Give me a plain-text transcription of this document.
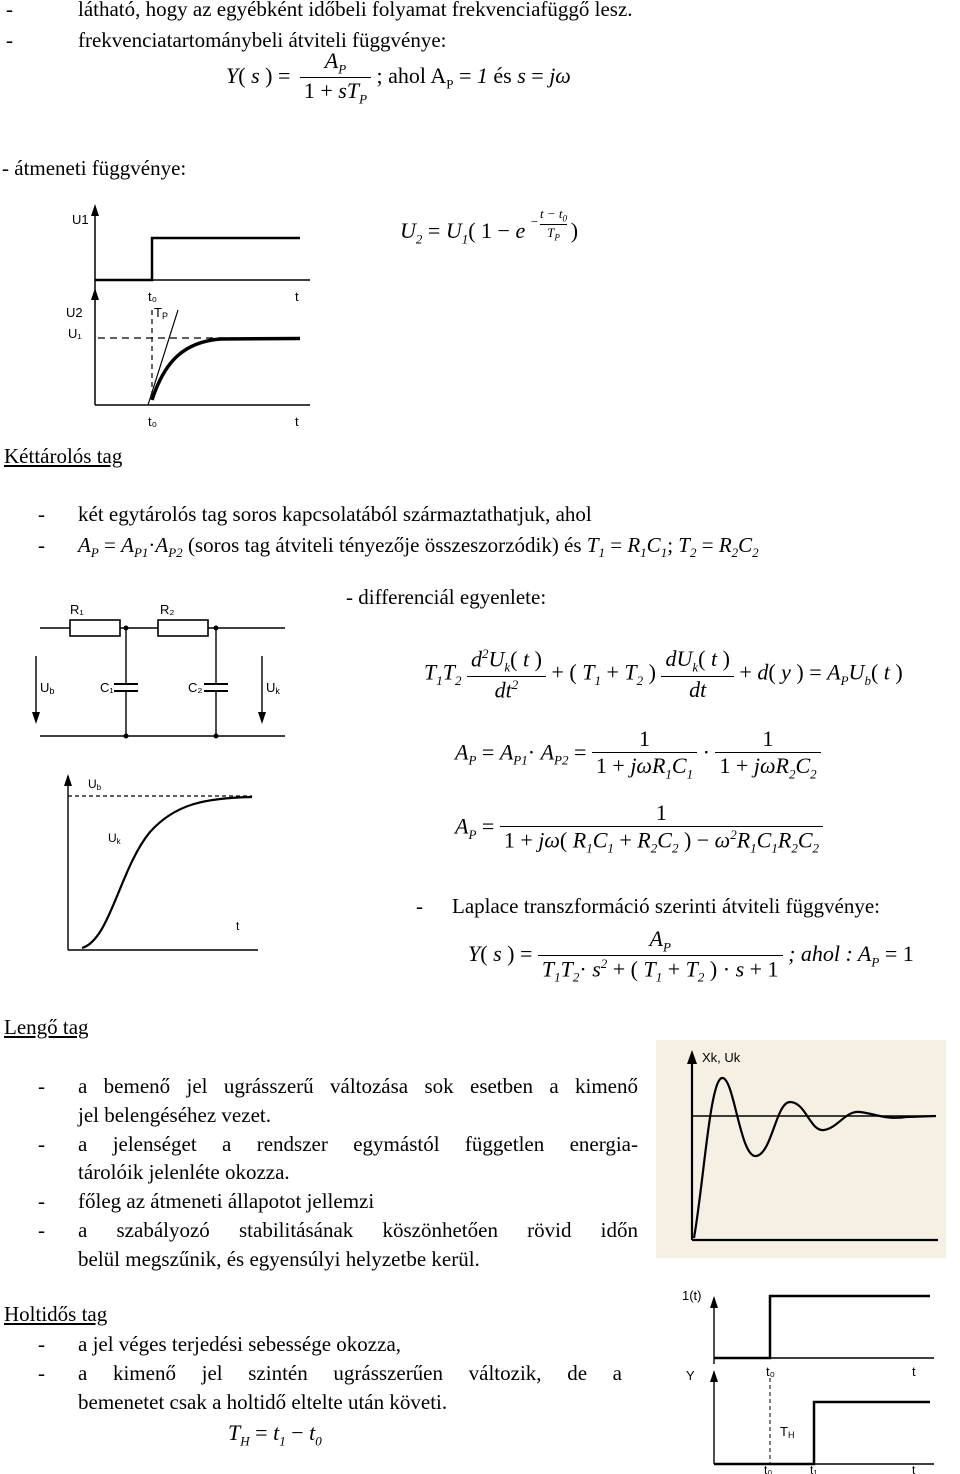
-	látható, hogy az egyébként időbeli folyamat frekvenciafüggő lesz.
-	frekvenciatartománybeli átviteli függvénye:
Y( s ) = $\frac{A_P}{1 + sT_P}$ ; ahol $A_P = 1$ és s = jω
- átmeneti függvénye:
U1
t₀	t
U2
U₁
TP
t₀	t
$U_2 = U_1$( $1 - e - \frac{t - t_0}{T_P}$ )
Kéttárolós tag
- két egytárolós tag soros kapcsolatából származtathatjuk, ahol
- $A_P = A_{P1}\cdot A_{P2}$ (soros tag átviteli tényezője összeszorzódik) és $T_1 = R_1C_1$; $T_2 = R_2C_2$
R₁	R₂
C₁	C₂
Ub	Uk
Ub
Uk
t
- differenciál egyenlete:
$T_1T_2 \frac{d^2U_k( t )}{dt^2}$ + ( $T_1 + T_2$ ) $\frac{dU_k( t )}{dt} + d$( y ) = $A_PU_b$( t )
$A_P = A_{P1}\cdot A_{P2} = \frac{1}{1 + j\omega R_1C_1} \cdot \frac{1}{1 + j\omega R_2C_2}$
$A_P = \frac{1}{1 + j\omega( R_1C_1 + R_2C_2 ) - \omega^2R_1C_1R_2C_2}$
- Laplace transzformáció szerinti átviteli függvénye:
Y( s ) = $\frac{A_P}{T_1T_2\cdot s^2 + ( T_1 + T_2 ) \cdot s + 1}$ ; ahol : $A_P = 1$
Lengő tag
- a bemenő jel ugrásszerű változása sok esetben a kimenő
jel belengéséhez vezet.
- a jelenséget a rendszer egymástól független energia-
tárolóik jelenléte okozza.
- főleg az átmeneti állapotot jellemzi
- a szabályozó stabilitásának köszönhetően rövid időn
belül megszűnik, és egyensúlyi helyzetbe kerül.
Xk, Uk
Holtidős tag
- a jel véges terjedési sebessége okozza,
- a kimenő jel szintén ugrásszerűen változik, de a
bemenetet csak a holtidő eltelte után követi.
$T_H = t_1 - t_0$
1(t)
t₀	t
Y
TH
t₀	t₁	t
